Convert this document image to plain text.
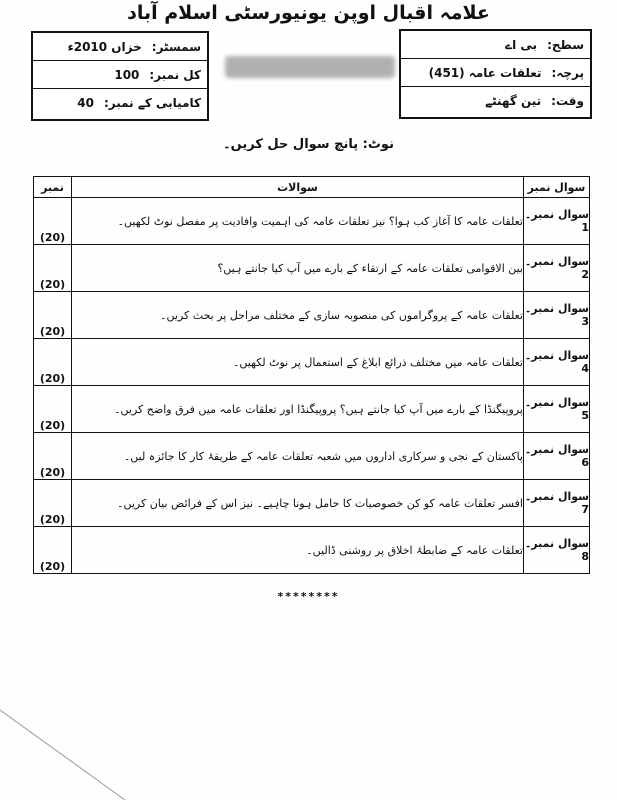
علامہ اقبال اوپن یونیورسٹی اسلام آباد
سمسٹر:
خزاں 2010ء
کل نمبر:
100
کامیابی کے نمبر:
40
سطح:
بی اے
پرچہ:
تعلقات عامہ (451)
وقت:
تین گھنٹے
نوٹ: پانچ سوال حل کریں۔
سوال نمبر	سوالات	نمبر
سوال نمبر۔1	تعلقات عامہ کا آغاز کب ہوا؟ نیز تعلقات عامہ کی اہمیت وافادیت پر مفصل نوٹ لکھیں۔	(20)
سوال نمبر۔2	بین الاقوامی تعلقات عامہ کے ارتقاء کے بارے میں آپ کیا جانتے ہیں؟	(20)
سوال نمبر۔3	تعلقات عامہ کے پروگراموں کی منصوبہ سازی کے مختلف مراحل پر بحث کریں۔	(20)
سوال نمبر۔4	تعلقات عامہ میں مختلف ذرائع ابلاغ کے استعمال پر نوٹ لکھیں۔	(20)
سوال نمبر۔5	پروپیگنڈا کے بارے میں آپ کیا جانتے ہیں؟ پروپیگنڈا اور تعلقات عامہ میں فرق واضح کریں۔	(20)
سوال نمبر۔6	پاکستان کے نجی و سرکاری اداروں میں شعبہ تعلقات عامہ کے طریقۂ کار کا جائزہ لیں۔	(20)
سوال نمبر۔7	افسر تعلقات عامہ کو کن خصوصیات کا حامل ہونا چاہیے۔ نیز اس کے فرائض بیان کریں۔	(20)
سوال نمبر۔8	تعلقات عامہ کے ضابطۂ اخلاق پر روشنی ڈالیں۔	(20)
********
